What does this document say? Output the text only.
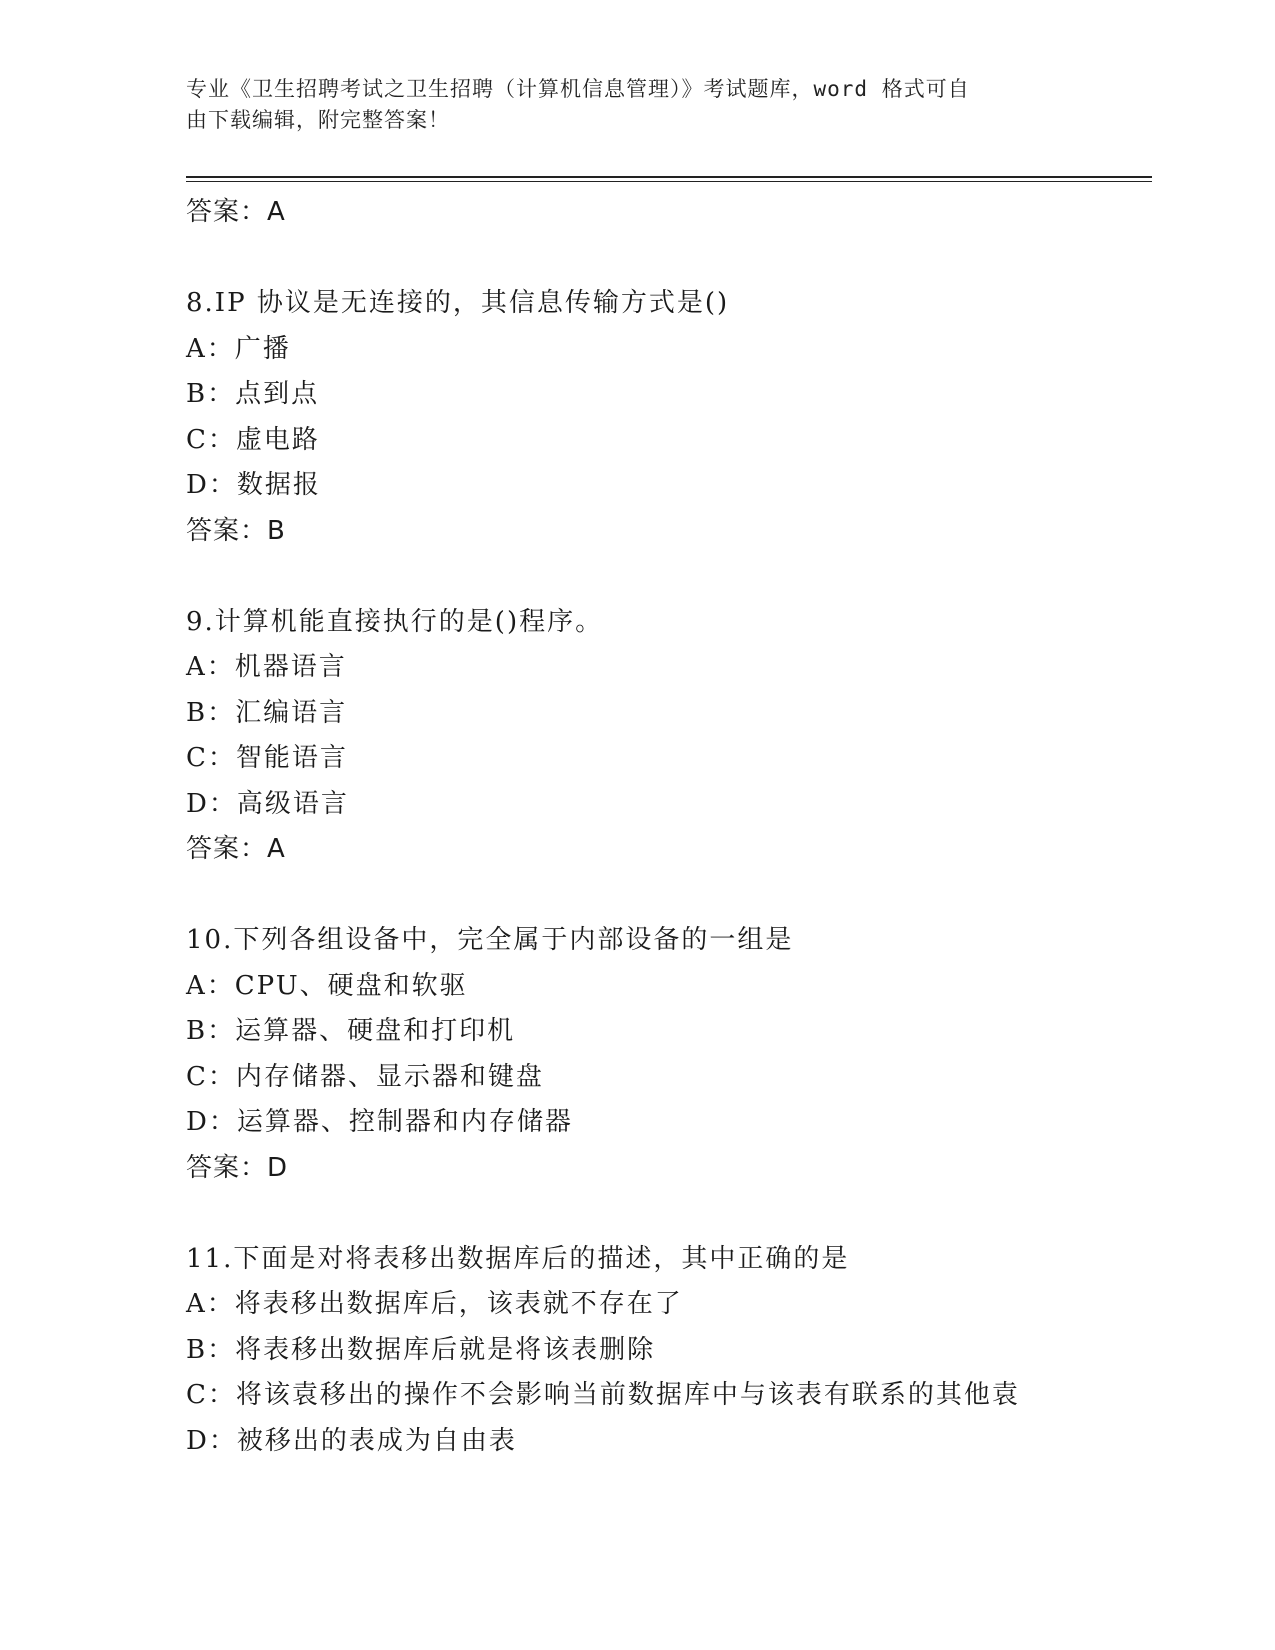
专业《卫生招聘考试之卫生招聘（计算机信息管理）》考试题库，word 格式可自
由下载编辑，附完整答案！
答案：A
8.IP 协议是无连接的，其信息传输方式是()
A：广播
B：点到点
C：虚电路
D：数据报
答案：B
9.计算机能直接执行的是()程序。
A：机器语言
B：汇编语言
C：智能语言
D：高级语言
答案：A
10.下列各组设备中，完全属于内部设备的一组是
A：CPU、硬盘和软驱
B：运算器、硬盘和打印机
C：内存储器、显示器和键盘
D：运算器、控制器和内存储器
答案：D
11.下面是对将表移出数据库后的描述，其中正确的是
A：将表移出数据库后，该表就不存在了
B：将表移出数据库后就是将该表删除
C：将该袁移出的操作不会影响当前数据库中与该表有联系的其他袁
D：被移出的表成为自由表
